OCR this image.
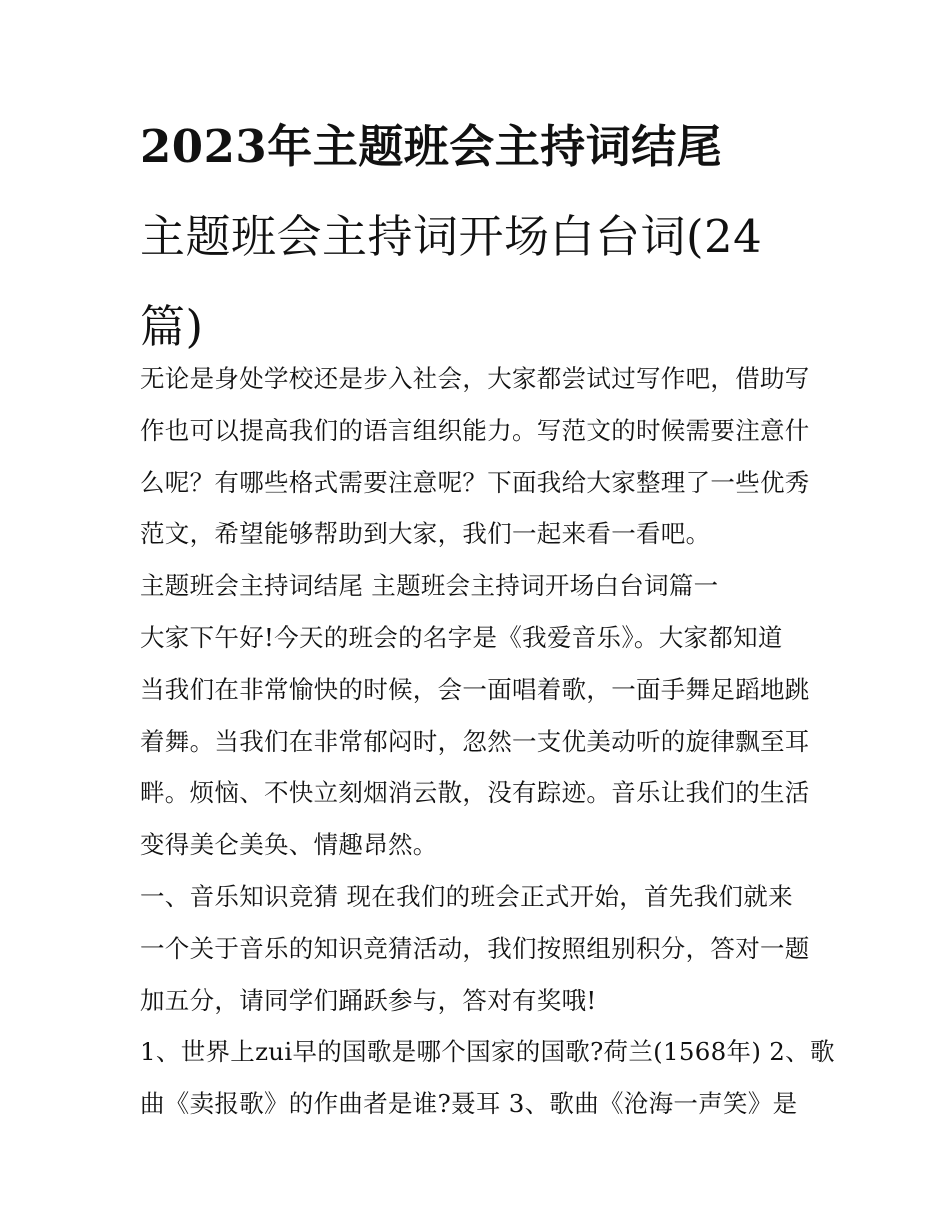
2023年主题班会主持词结尾
主题班会主持词开场白台词(24
篇)

无论是身处学校还是步入社会，大家都尝试过写作吧，借助写
作也可以提高我们的语言组织能力。写范文的时候需要注意什
么呢？有哪些格式需要注意呢？下面我给大家整理了一些优秀
范文，希望能够帮助到大家，我们一起来看一看吧。

主题班会主持词结尾 主题班会主持词开场白台词篇一

大家下午好!今天的班会的名字是《我爱音乐》。大家都知道
当我们在非常愉快的时候，会一面唱着歌，一面手舞足蹈地跳
着舞。当我们在非常郁闷时，忽然一支优美动听的旋律飘至耳
畔。烦恼、不快立刻烟消云散，没有踪迹。音乐让我们的生活
变得美仑美奂、情趣昂然。

一、音乐知识竞猜 现在我们的班会正式开始，首先我们就来
一个关于音乐的知识竞猜活动，我们按照组别积分，答对一题
加五分，请同学们踊跃参与，答对有奖哦!

1、世界上zui早的国歌是哪个国家的国歌?荷兰(1568年) 2、歌
曲《卖报歌》的作曲者是谁?聂耳 3、歌曲《沧海一声笑》是
